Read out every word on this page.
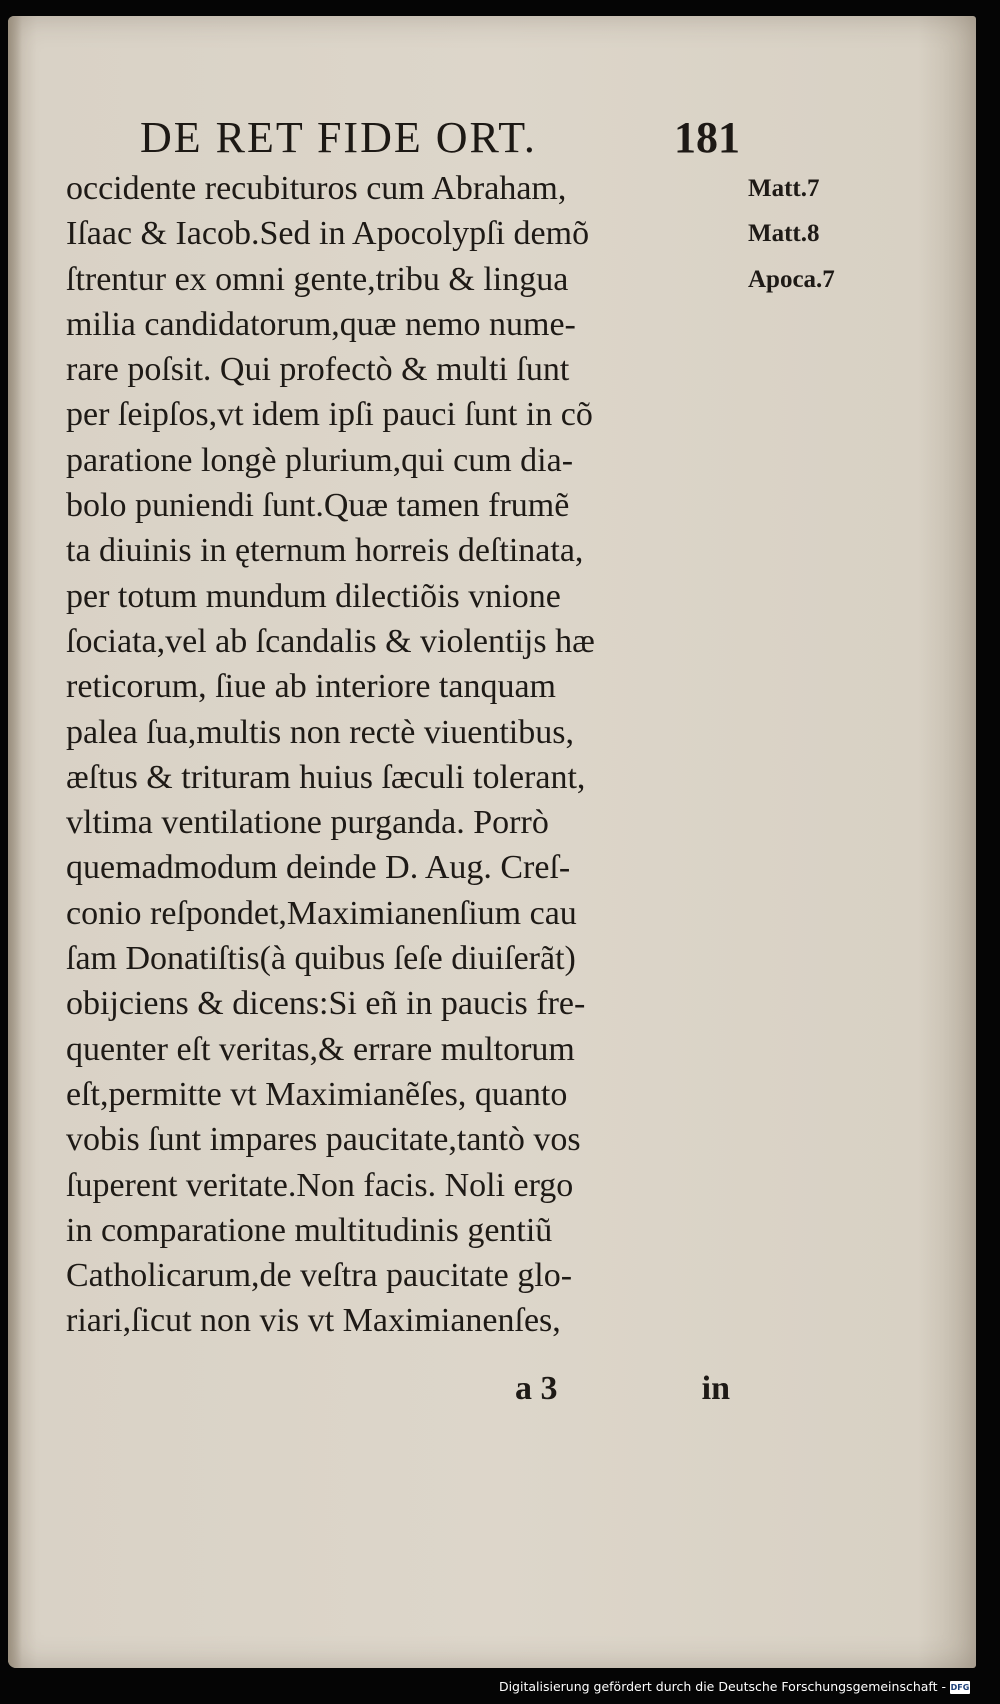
DE RET FIDE ORT.	181
occidente recubituros cum Abraham,
Iſaac & Iacob.Sed in Apocolypſi demõ
ſtrentur ex omni gente,tribu & lingua
milia candidatorum,quæ nemo nume-
rare poſsit. Qui profectò & multi ſunt
per ſeipſos,vt idem ipſi pauci ſunt in cõ
paratione longè plurium,qui cum dia-
bolo puniendi ſunt.Quæ tamen frumẽ
ta diuinis in ęternum horreis deſtinata,
per totum mundum dilectiõis vnione
ſociata,vel ab ſcandalis & violentijs hæ
reticorum, ſiue ab interiore tanquam
palea ſua,multis non rectè viuentibus,
æſtus & trituram huius ſæculi tolerant,
vltima ventilatione purganda. Porrò
quemadmodum deinde D. Aug. Creſ-
conio reſpondet,Maximianenſium cau
ſam Donatiſtis(à quibus ſeſe diuiſerãt)
obijciens & dicens:Si eñ in paucis fre-
quenter eſt veritas,& errare multorum
eſt,permitte vt Maximianẽſes, quanto
vobis ſunt impares paucitate,tantò vos
ſuperent veritate.Non facis. Noli ergo
in comparatione multitudinis gentiũ
Catholicarum,de veſtra paucitate glo-
riari,ſicut non vis vt Maximianenſes,
Matt.7
Matt.8
Apoca.7
a 3	in
Digitalisierung gefördert durch die Deutsche Forschungsgemeinschaft - DFG
